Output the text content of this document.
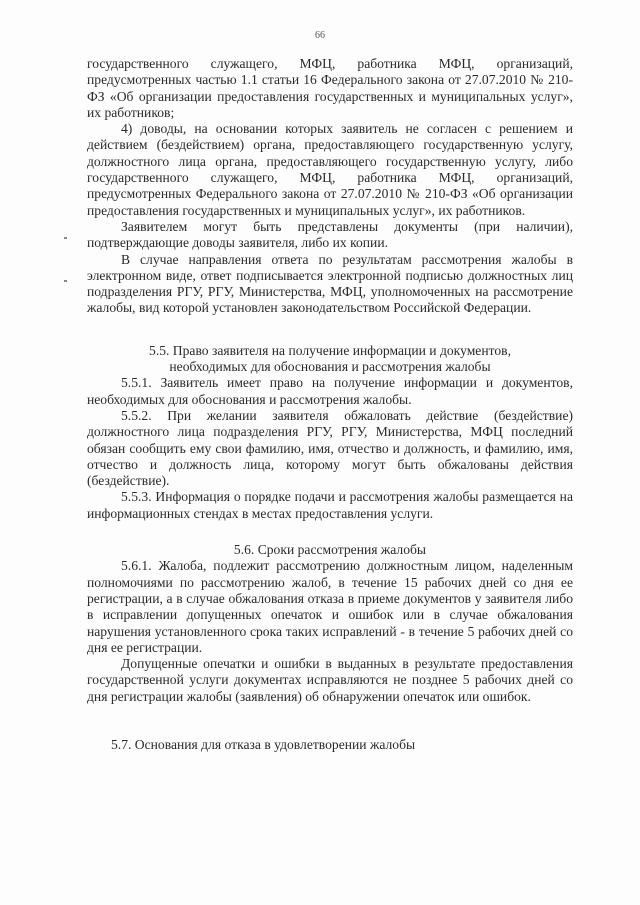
66

государственного служащего, МФЦ, работника МФЦ, организаций, предусмотренных частью 1.1 статьи 16 Федерального закона от 27.07.2010 № 210-ФЗ «Об организации предоставления государственных и муниципальных услуг», их работников;

4) доводы, на основании которых заявитель не согласен с решением и действием (бездействием) органа, предоставляющего государственную услугу, должностного лица органа, предоставляющего государственную услугу, либо государственного служащего, МФЦ, работника МФЦ, организаций, предусмотренных Федерального закона от 27.07.2010 № 210-ФЗ «Об организации предоставления государственных и муниципальных услуг», их работников.

Заявителем могут быть представлены документы (при наличии), подтверждающие доводы заявителя, либо их копии.

В случае направления ответа по результатам рассмотрения жалобы в электронном виде, ответ подписывается электронной подписью должностных лиц подразделения РГУ, РГУ, Министерства, МФЦ, уполномоченных на рассмотрение жалобы, вид которой установлен законодательством Российской Федерации.

5.5. Право заявителя на получение информации и документов,
необходимых для обоснования и рассмотрения жалобы

5.5.1. Заявитель имеет право на получение информации и документов, необходимых для обоснования и рассмотрения жалобы.

5.5.2. При желании заявителя обжаловать действие (бездействие) должностного лица подразделения РГУ, РГУ, Министерства, МФЦ последний обязан сообщить ему свои фамилию, имя, отчество и должность, и фамилию, имя, отчество и должность лица, которому могут быть обжалованы действия (бездействие).

5.5.3. Информация о порядке подачи и рассмотрения жалобы размещается на информационных стендах в местах предоставления услуги.

5.6. Сроки рассмотрения жалобы

5.6.1. Жалоба, подлежит рассмотрению должностным лицом, наделенным полномочиями по рассмотрению жалоб, в течение 15 рабочих дней со дня ее регистрации, а в случае обжалования отказа в приеме документов у заявителя либо в исправлении допущенных опечаток и ошибок или в случае обжалования нарушения установленного срока таких исправлений - в течение 5 рабочих дней со дня ее регистрации.

Допущенные опечатки и ошибки в выданных в результате предоставления государственной услуги документах исправляются не позднее 5 рабочих дней со дня регистрации жалобы (заявления) об обнаружении опечаток или ошибок.

5.7. Основания для отказа в удовлетворении жалобы
